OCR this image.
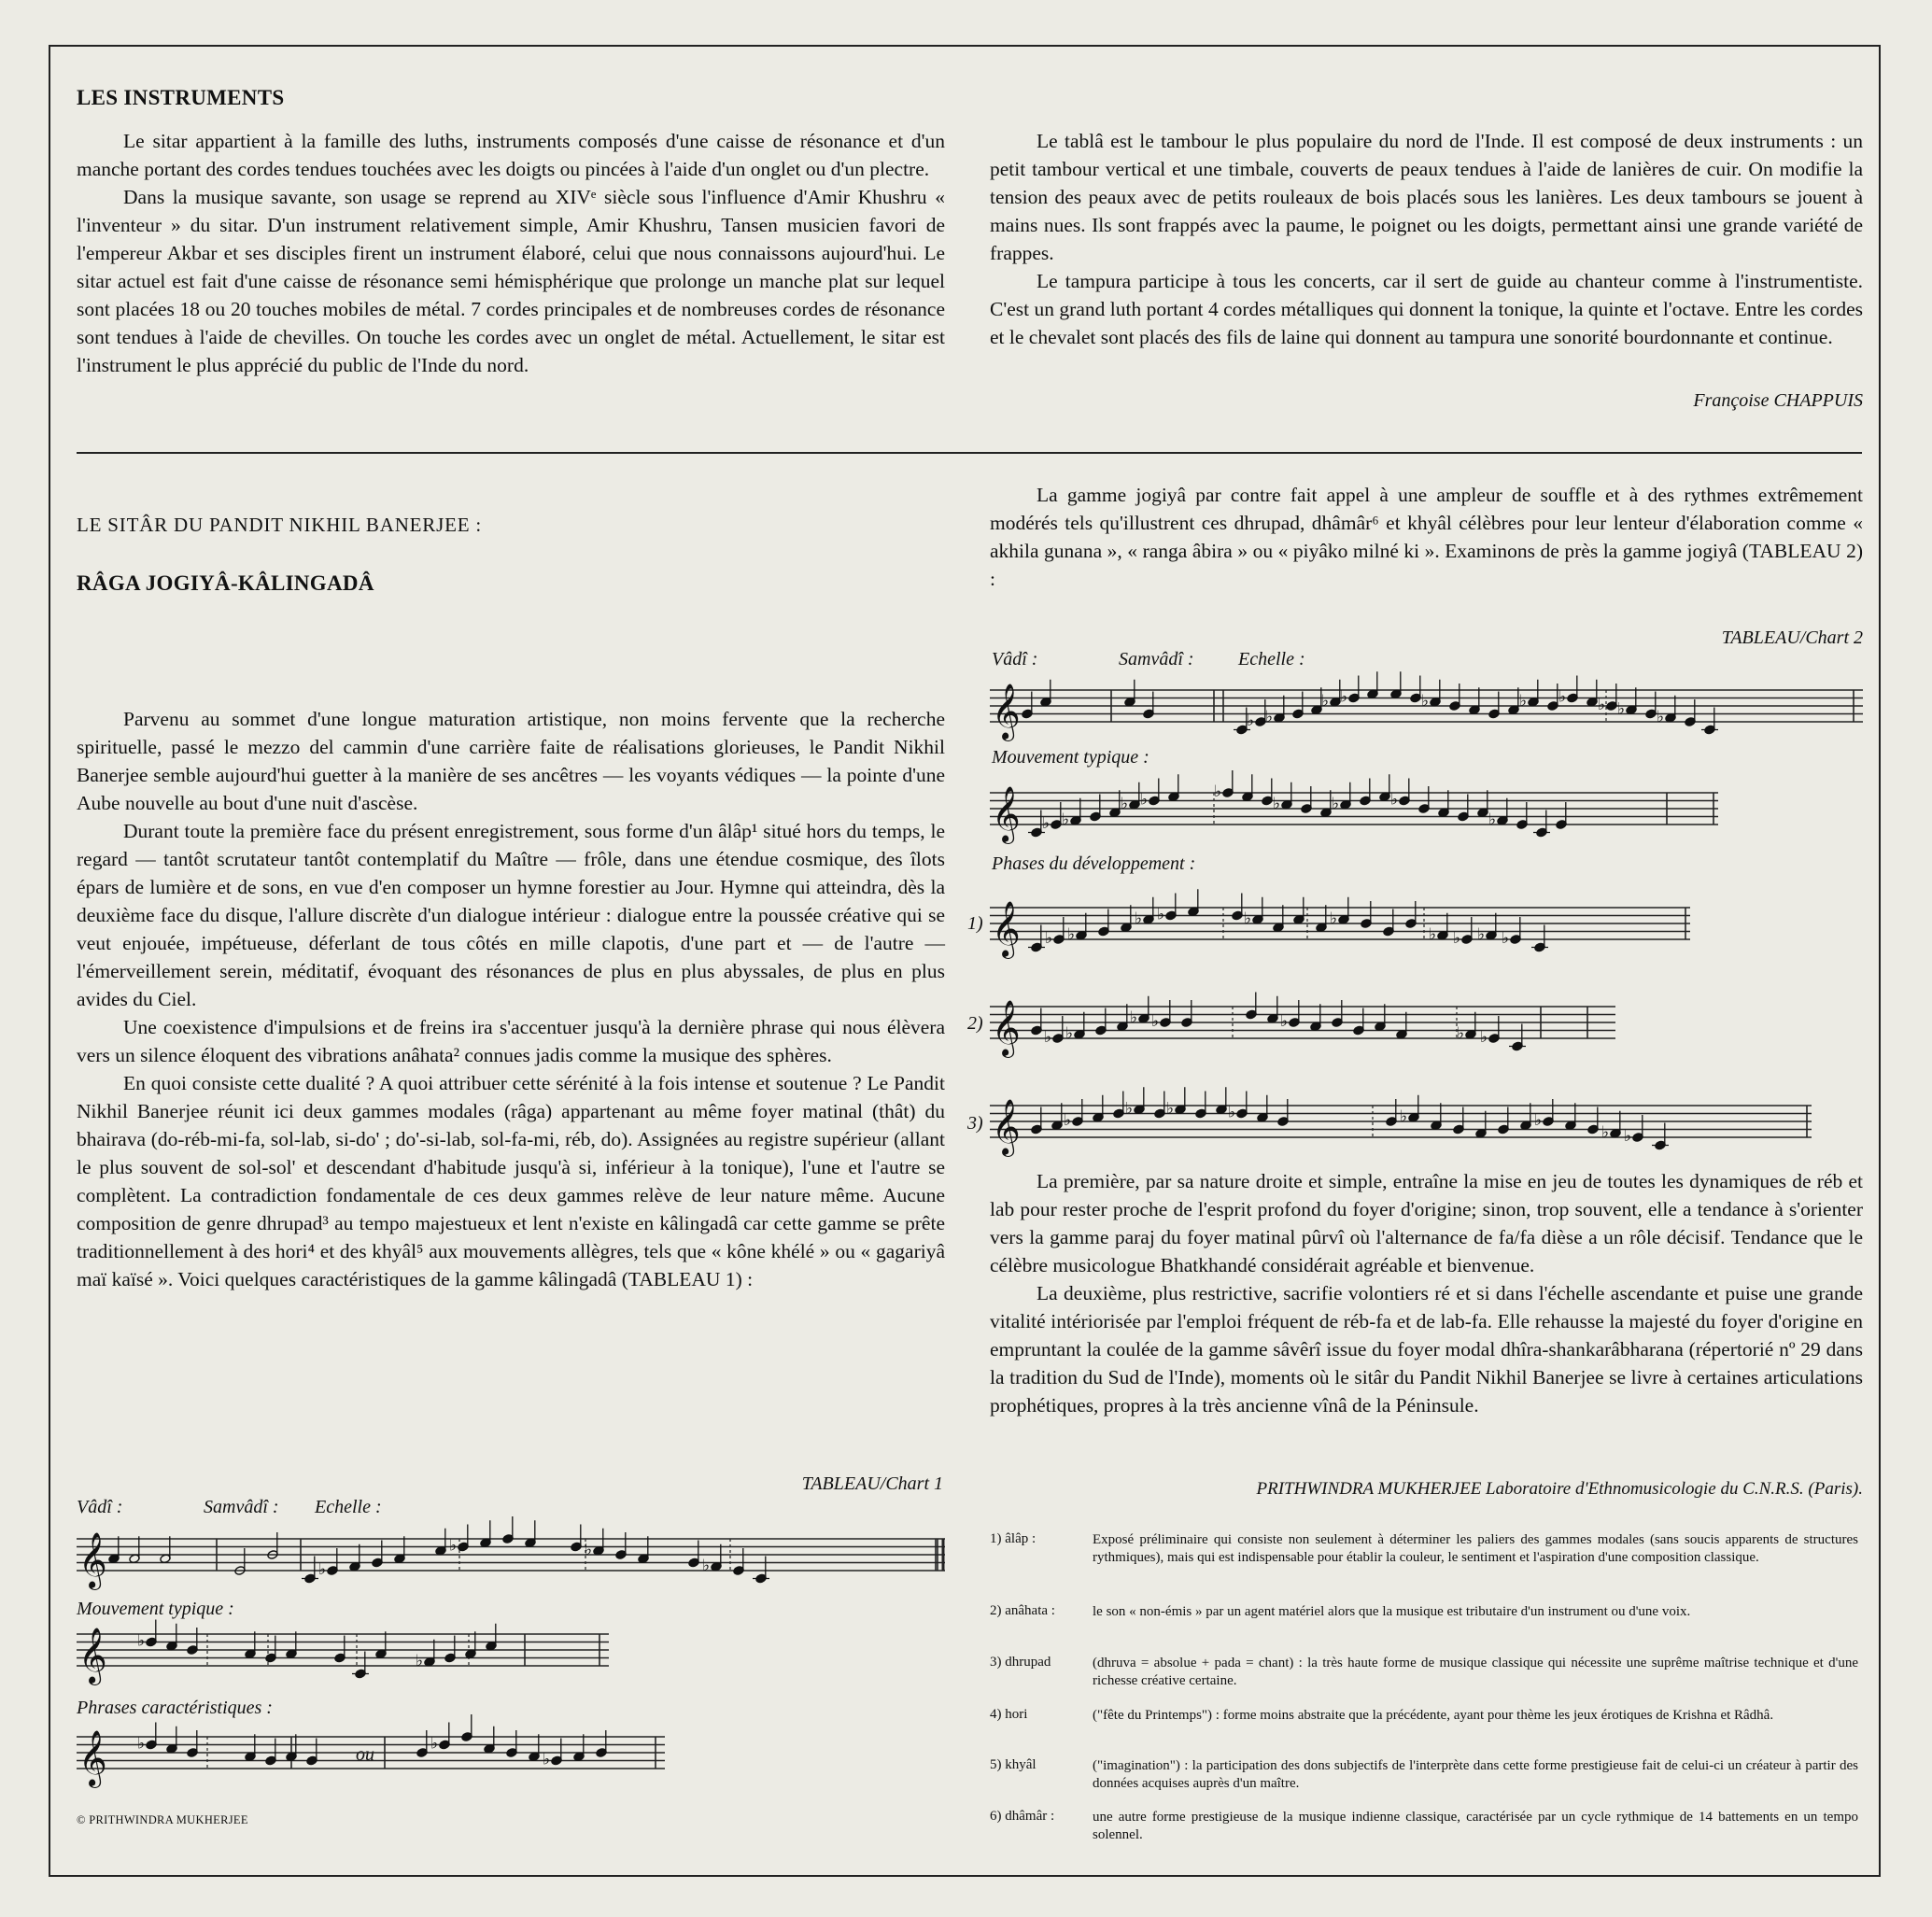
LES INSTRUMENTS

Le sitar appartient à la famille des luths, instruments composés d'une caisse de résonance et d'un manche portant des cordes tendues touchées avec les doigts ou pincées à l'aide d'un onglet ou d'un plectre.

Dans la musique savante, son usage se reprend au XIVᵉ siècle sous l'influence d'Amir Khushru « l'inventeur » du sitar. D'un instrument relativement simple, Amir Khushru, Tansen musicien favori de l'empereur Akbar et ses disciples firent un instrument élaboré, celui que nous connaissons aujourd'hui. Le sitar actuel est fait d'une caisse de résonance semi hémisphérique que prolonge un manche plat sur lequel sont placées 18 ou 20 touches mobiles de métal. 7 cordes principales et de nombreuses cordes de résonance sont tendues à l'aide de chevilles. On touche les cordes avec un onglet de métal. Actuellement, le sitar est l'instrument le plus apprécié du public de l'Inde du nord.

Le tablâ est le tambour le plus populaire du nord de l'Inde. Il est composé de deux instruments : un petit tambour vertical et une timbale, couverts de peaux tendues à l'aide de lanières de cuir. On modifie la tension des peaux avec de petits rouleaux de bois placés sous les lanières. Les deux tambours se jouent à mains nues. Ils sont frappés avec la paume, le poignet ou les doigts, permettant ainsi une grande variété de frappes.

Le tampura participe à tous les concerts, car il sert de guide au chanteur comme à l'instrumentiste. C'est un grand luth portant 4 cordes métalliques qui donnent la tonique, la quinte et l'octave. Entre les cordes et le chevalet sont placés des fils de laine qui donnent au tampura une sonorité bourdonnante et continue.

Françoise CHAPPUIS
LE SITÂR DU PANDIT NIKHIL BANERJEE :
RÂGA JOGIYÂ-KÂLINGADÂ

Parvenu au sommet d'une longue maturation artistique, non moins fervente que la recherche spirituelle, passé le mezzo del cammin d'une carrière faite de réalisations glorieuses, le Pandit Nikhil Banerjee semble aujourd'hui guetter à la manière de ses ancêtres — les voyants védiques — la pointe d'une Aube nouvelle au bout d'une nuit d'ascèse.

Durant toute la première face du présent enregistrement, sous forme d'un âlâp¹ situé hors du temps, le regard — tantôt scrutateur tantôt contemplatif du Maître — frôle, dans une étendue cosmique, des îlots épars de lumière et de sons, en vue d'en composer un hymne forestier au Jour. Hymne qui atteindra, dès la deuxième face du disque, l'allure discrète d'un dialogue intérieur : dialogue entre la poussée créative qui se veut enjouée, impétueuse, déferlant de tous côtés en mille clapotis, d'une part et — de l'autre — l'émerveillement serein, méditatif, évoquant des résonances de plus en plus abyssales, de plus en plus avides du Ciel.

Une coexistence d'impulsions et de freins ira s'accentuer jusqu'à la dernière phrase qui nous élèvera vers un silence éloquent des vibrations anâhata² connues jadis comme la musique des sphères.

En quoi consiste cette dualité ? A quoi attribuer cette sérénité à la fois intense et soutenue ? Le Pandit Nikhil Banerjee réunit ici deux gammes modales (râga) appartenant au même foyer matinal (thât) du bhairava (do-réb-mi-fa, sol-lab, si-do' ; do'-si-lab, sol-fa-mi, réb, do). Assignées au registre supérieur (allant le plus souvent de sol-sol' et descendant d'habitude jusqu'à si, inférieur à la tonique), l'une et l'autre se complètent. La contradiction fondamentale de ces deux gammes relève de leur nature même. Aucune composition de genre dhrupad³ au tempo majestueux et lent n'existe en kâlingadâ car cette gamme se prête traditionnellement à des hori⁴ et des khyâl⁵ aux mouvements allègres, tels que « kône khélé » ou « gagariyâ maï kaïsé ». Voici quelques caractéristiques de la gamme kâlingadâ (TABLEAU 1) :

TABLEAU/Chart 1
Vâdî :	Samvâdî : Echelle :
Mouvement typique :
Phrases caractéristiques :
ou
𝄞	♭
♭	♭
♭
𝄞 ♭
♭
𝄞 ♭	♭
♭
© PRITHWINDRA MUKHERJEE

La gamme jogiyâ par contre fait appel à une ampleur de souffle et à des rythmes extrêmement modérés tels qu'illustrent ces dhrupad, dhâmâr⁶ et khyâl célèbres pour leur lenteur d'élaboration comme « akhila gunana », « ranga âbira » ou « piyâko milné ki ». Examinons de près la gamme jogiyâ (TABLEAU 2) :

TABLEAU/Chart 2
Vâdî :	Samvâdî : Echelle :
Mouvement typique :
Phases du développement :
1)
2)
3)
𝄞	♭ ♭
♭ ♭	♭	♭ ♭ ♭ ♭ ♭
𝄞 ♭ ♭
♭ ♭	♭
♭	♭	♭
♭
𝄞 ♭ ♭
♭ ♭	♭	♭
♭ ♭ ♭ ♭
𝄞 ♭ ♭
♭ ♭	♭
♭ ♭
𝄞	♭
♭ ♭	♭	♭	♭
♭ ♭

La première, par sa nature droite et simple, entraîne la mise en jeu de toutes les dynamiques de réb et lab pour rester proche de l'esprit profond du foyer d'origine; sinon, trop souvent, elle a tendance à s'orienter vers la gamme paraj du foyer matinal pûrvî où l'alternance de fa/fa dièse a un rôle décisif. Tendance que le célèbre musicologue Bhatkhandé considérait agréable et bienvenue.

La deuxième, plus restrictive, sacrifie volontiers ré et si dans l'échelle ascendante et puise une grande vitalité intériorisée par l'emploi fréquent de réb-fa et de lab-fa. Elle rehausse la majesté du foyer d'origine en empruntant la coulée de la gamme sâvêrî issue du foyer modal dhîra-shankarâbharana (répertorié nº 29 dans la tradition du Sud de l'Inde), moments où le sitâr du Pandit Nikhil Banerjee se livre à certaines articulations prophétiques, propres à la très ancienne vînâ de la Péninsule.

PRITHWINDRA MUKHERJEE Laboratoire d'Ethnomusicologie du C.N.R.S. (Paris).
1) âlâp :	Exposé préliminaire qui consiste non seulement à déterminer les paliers des gammes modales (sans soucis apparents de structures rythmiques), mais qui est indispensable pour établir la couleur, le sentiment et l'aspiration d'une composition classique.
2) anâhata :	le son « non-émis » par un agent matériel alors que la musique est tributaire d'un instrument ou d'une voix.
3) dhrupad	(dhruva = absolue + pada = chant) : la très haute forme de musique classique qui nécessite une suprême maîtrise technique et d'une richesse créative certaine.
4) hori	("fête du Printemps") : forme moins abstraite que la précédente, ayant pour thème les jeux érotiques de Krishna et Râdhâ.
5) khyâl	("imagination") : la participation des dons subjectifs de l'interprète dans cette forme prestigieuse fait de celui-ci un créateur à partir des données acquises auprès d'un maître.
6) dhâmâr :	une autre forme prestigieuse de la musique indienne classique, caractérisée par un cycle rythmique de 14 battements en un tempo solennel.
